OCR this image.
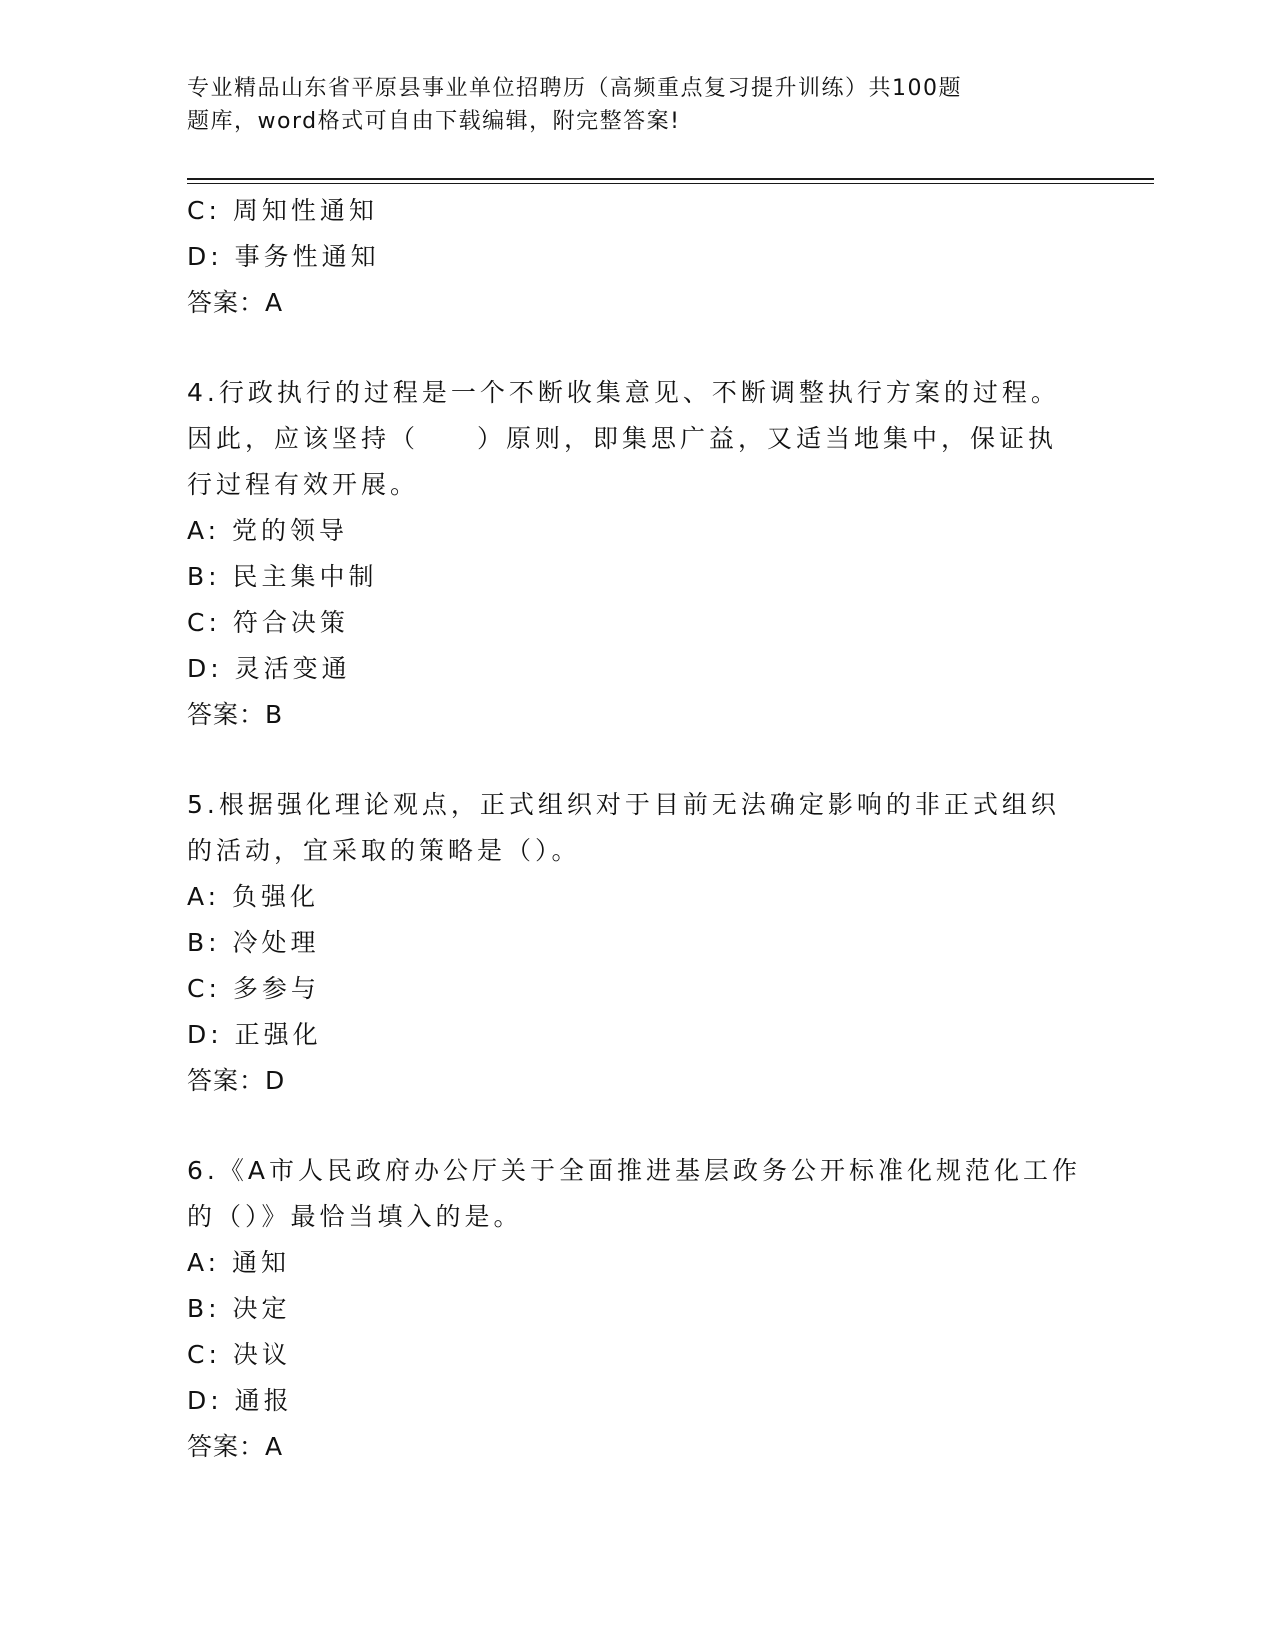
专业精品山东省平原县事业单位招聘历（高频重点复习提升训练）共100题
题库，word格式可自由下载编辑，附完整答案!
C: 周知性通知
D: 事务性通知
答案：A
4.行政执行的过程是一个不断收集意见、不断调整执行方案的过程。
因此，应该坚持（　　）原则，即集思广益，又适当地集中，保证执
行过程有效开展。
A: 党的领导
B: 民主集中制
C: 符合决策
D: 灵活变通
答案：B
5.根据强化理论观点，正式组织对于目前无法确定影响的非正式组织
的活动，宜采取的策略是（）。
A: 负强化
B: 冷处理
C: 多参与
D: 正强化
答案：D
6.《A市人民政府办公厅关于全面推进基层政务公开标准化规范化工作
的（）》最恰当填入的是。
A: 通知
B: 决定
C: 决议
D: 通报
答案：A
